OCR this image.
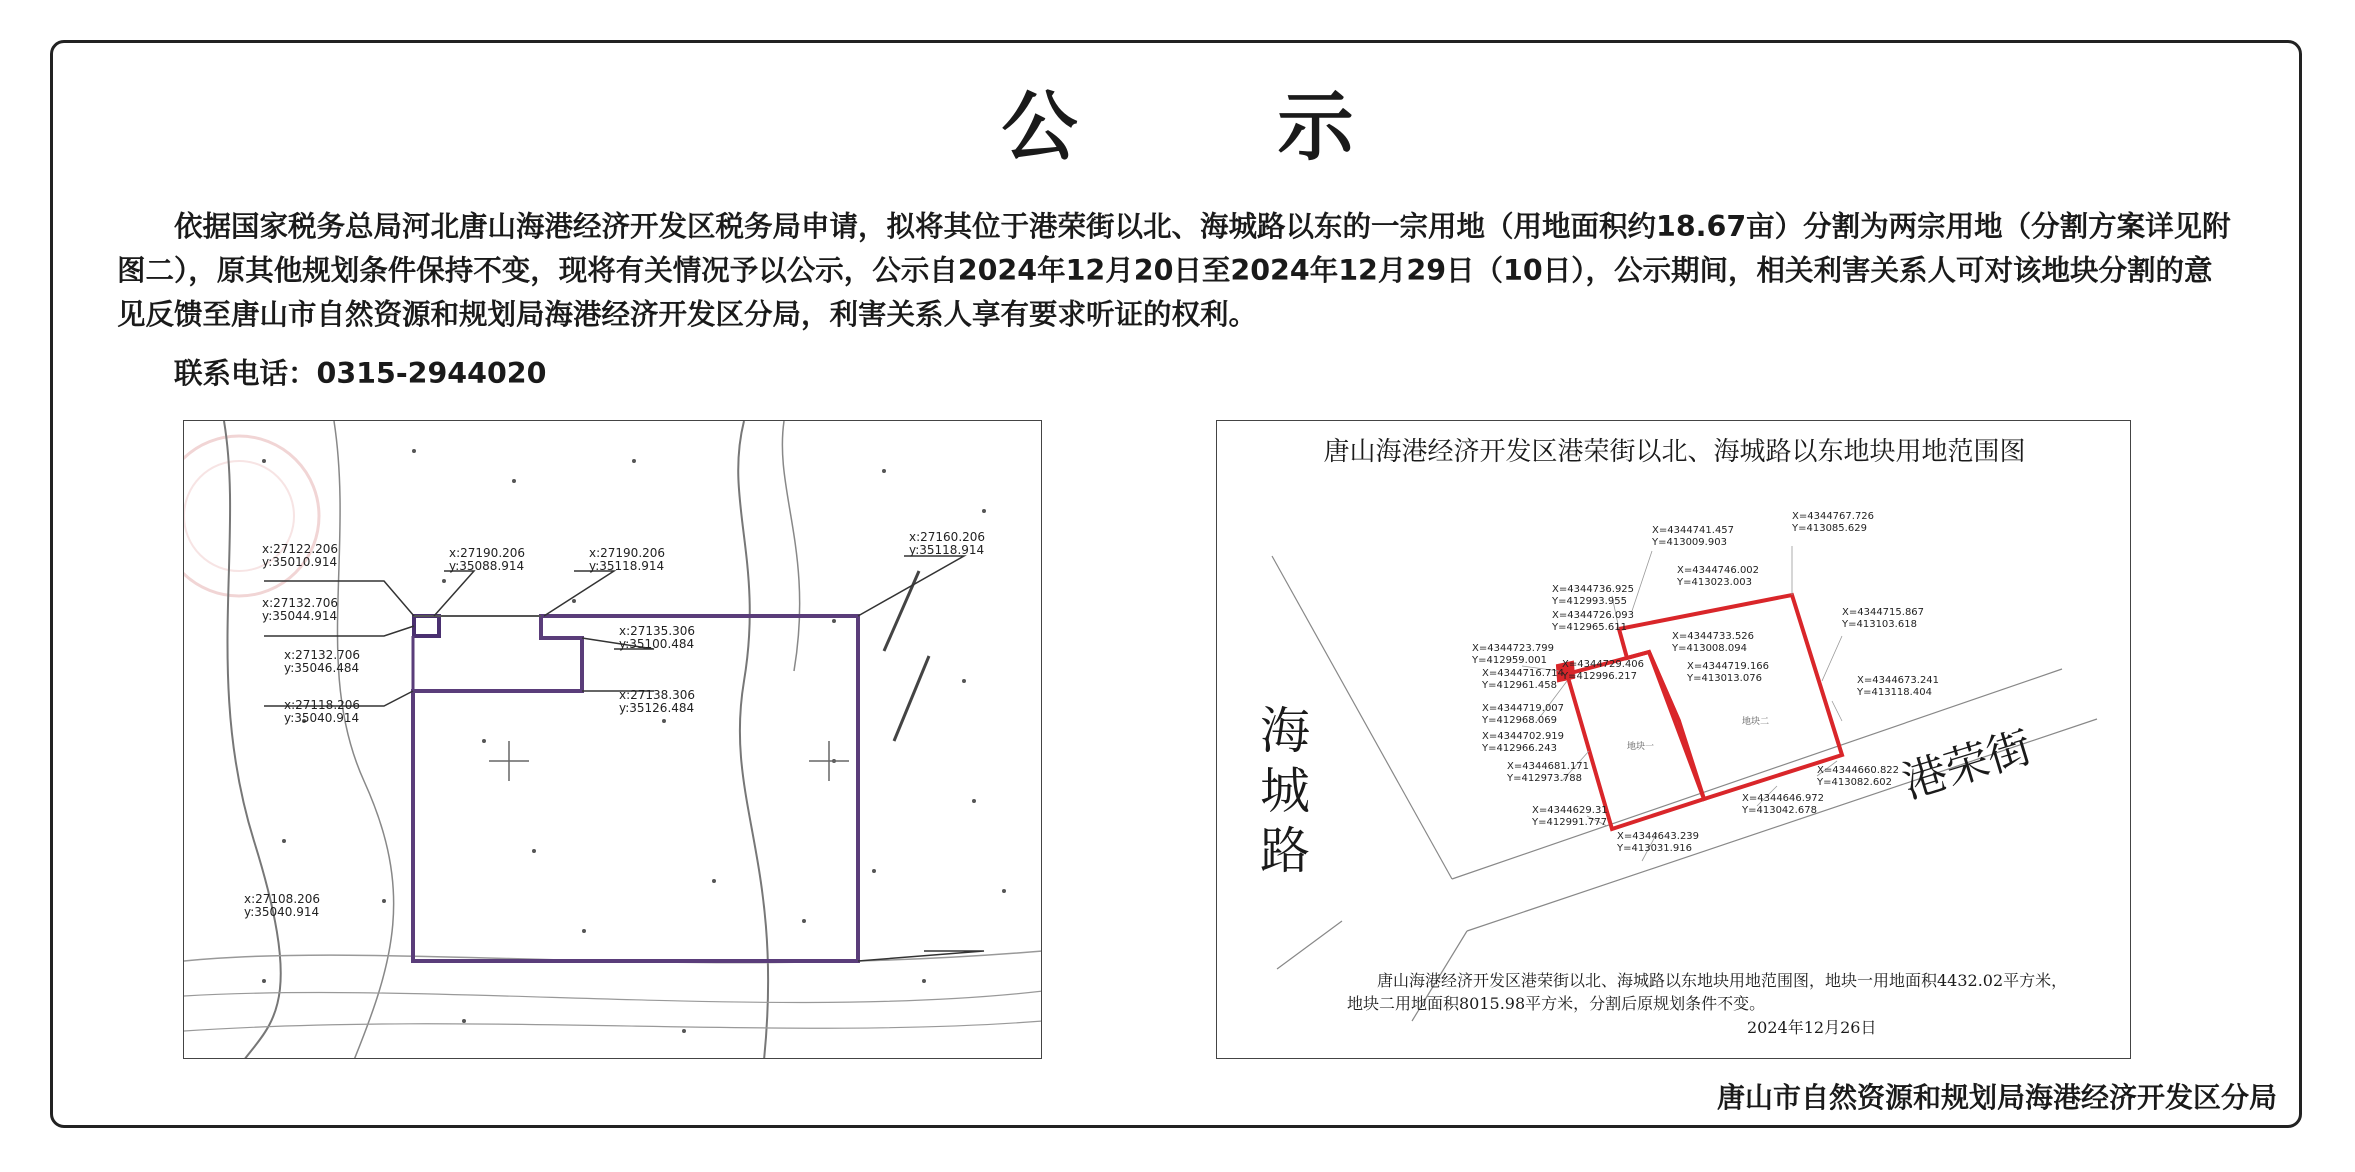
公　示
依据国家税务总局河北唐山海港经济开发区税务局申请，拟将其位于港荣街以北、海城路以东的一宗用地（用地面积约18.67亩）分割为两宗用地（分割方案详见附图二），原其他规划条件保持不变，现将有关情况予以公示，公示自2024年12月20日至2024年12月29日（10日），公示期间，相关利害关系人可对该地块分割的意见反馈至唐山市自然资源和规划局海港经济开发区分局，利害关系人享有要求听证的权利。
联系电话：0315-2944020
x:27122.206
y:35010.914
x:27132.706
y:35044.914
x:27132.706
y:35046.484
x:27118.206
y:35040.914
x:27190.206
y:35088.914
x:27190.206
y:35118.914
x:27160.206
y:35118.914
x:27135.306
y:35100.484
x:27138.306
y:35126.484
x:27108.206
y:35040.914
唐山海港经济开发区港荣街以北、海城路以东地块用地范围图
地块一
地块二
海
城
路
港荣街
X=4344741.457
Y=413009.903
X=4344767.726
Y=413085.629
X=4344736.925
Y=412993.955
X=4344726.093
Y=412965.611
X=4344746.002
Y=413023.003
X=4344715.867
Y=413103.618
X=4344723.799
Y=412959.001
X=4344716.714
Y=412961.458
X=4344733.526
Y=413008.094
X=4344729.406
Y=412996.217
X=4344719.166
Y=413013.076
X=4344719.007
Y=412968.069
X=4344702.919
Y=412966.243
X=4344673.241
Y=413118.404
X=4344681.171
Y=412973.788
X=4344660.822
Y=413082.602
X=4344629.31
Y=412991.777
X=4344646.972
Y=413042.678
X=4344643.239
Y=413031.916
唐山海港经济开发区港荣街以北、海城路以东地块用地范围图，地块一用地面积4432.02平方米，地块二用地面积8015.98平方米，分割后原规划条件不变。
2024年12月26日
唐山市自然资源和规划局海港经济开发区分局
